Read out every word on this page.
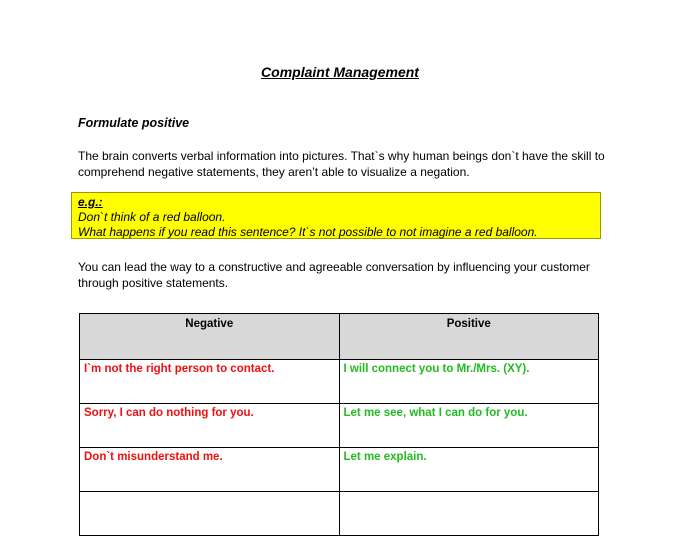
Complaint Management
Formulate positive
The brain converts verbal information into pictures. That`s why human beings don`t have the skill to comprehend negative statements, they aren’t able to visualize a negation.
e.g.:
Don`t think of a red balloon.
What happens if you read this sentence? It`s not possible to not imagine a red balloon.
You can lead the way to a constructive and agreeable conversation by influencing your customer through positive statements.
Negative	Positive
I`m not the right person to contact.	I will connect you to Mr./Mrs. (XY).
Sorry, I can do nothing for you.	Let me see, what I can do for you.
Don`t misunderstand me.	Let me explain.
